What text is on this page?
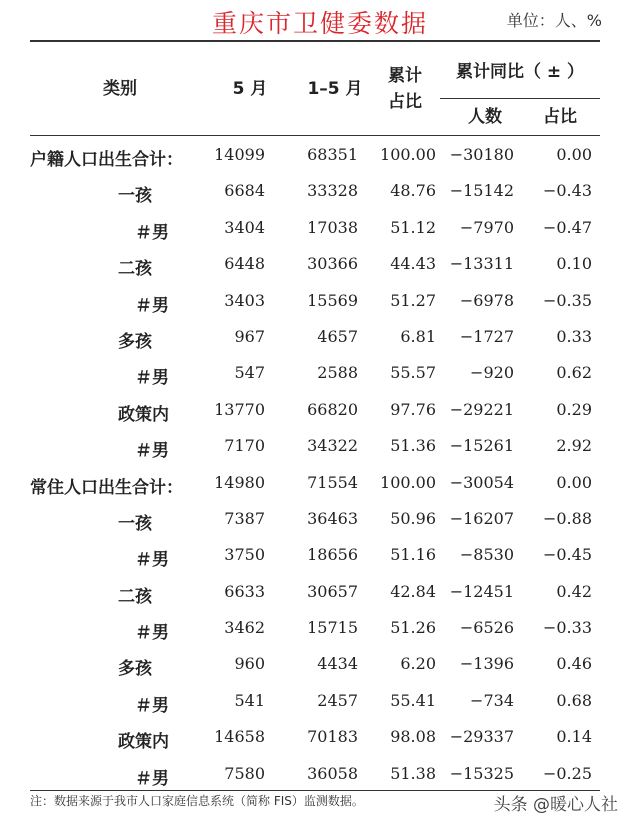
重庆市卫健委数据	单位：人、%
类别	5 月	1–5 月
累计
占比
累计同比（ ± ）
人数	占比
户籍人口出生合计： 14099	68351 100.00 −30180	0.00
一孩	6684	33328 48.76 −15142 −0.43
＃男	3404	17038 51.12 −7970 −0.47
二孩	6448	30366 44.43 −13311	0.10
＃男	3403	15569 51.27 −6978 −0.35
多孩	967	4657	6.81 −1727	0.33
＃男	547	2588 55.57 −920	0.62
政策内	13770	66820 97.76 −29221	0.29
＃男	7170	34322 51.36 −15261	2.92
常住人口出生合计： 14980	71554 100.00 −30054	0.00
一孩	7387	36463 50.96 −16207 −0.88
＃男	3750	18656 51.16 −8530 −0.45
二孩	6633	30657 42.84 −12451	0.42
＃男	3462	15715 51.26 −6526 −0.33
多孩	960	4434	6.20 −1396	0.46
＃男	541	2457 55.41 −734	0.68
政策内	14658	70183 98.08 −29337	0.14
＃男	7580	36058 51.38 −15325 −0.25
注：数据来源于我市人口家庭信息系统（简称 FIS）监测数据。	头条 @暖心人社
